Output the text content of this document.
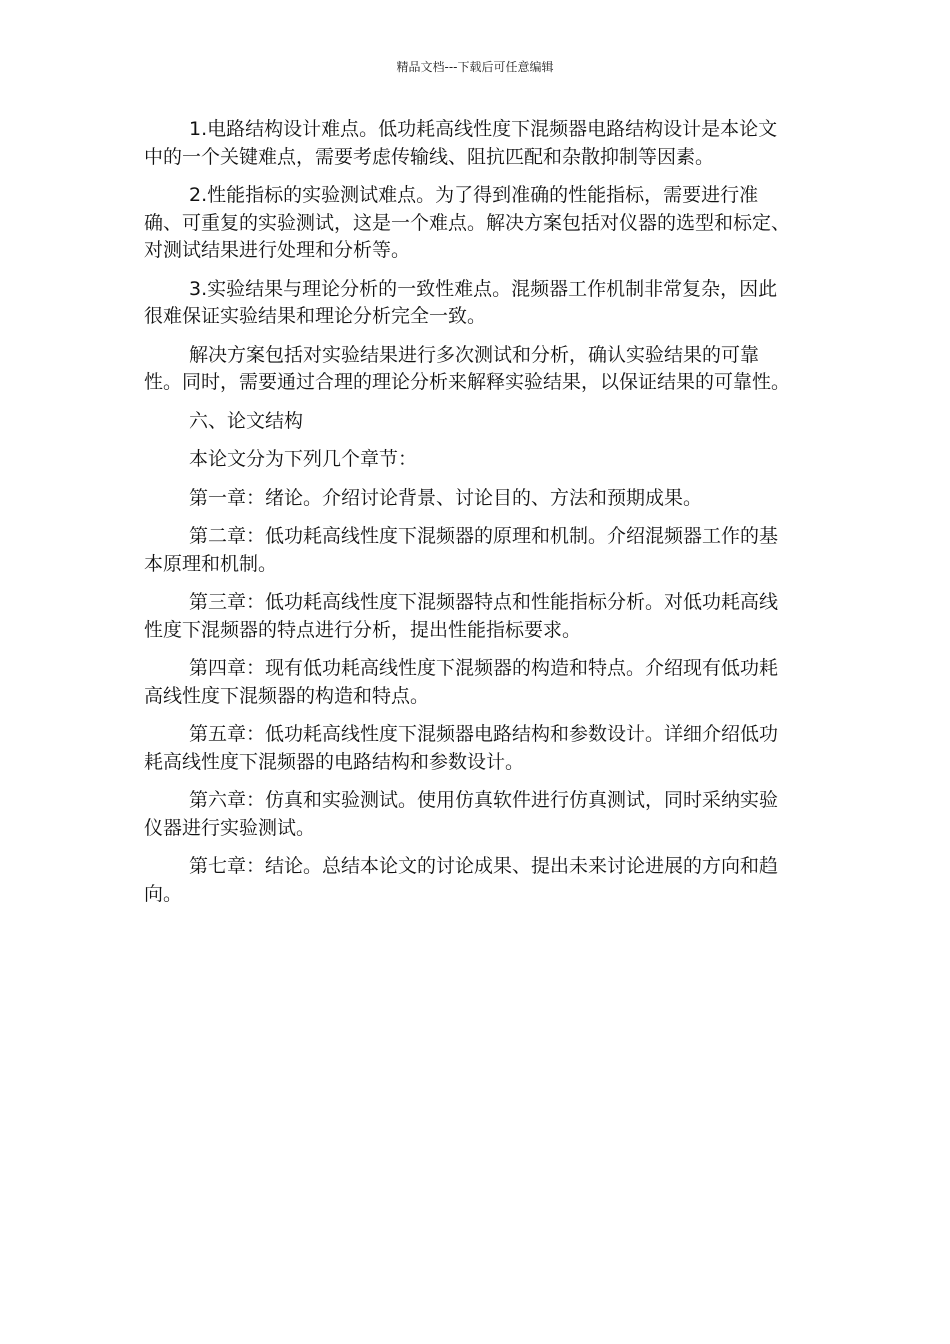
精品文档---下载后可任意编辑

1.电路结构设计难点。低功耗高线性度下混频器电路结构设计是本论文中的一个关键难点，需要考虑传输线、阻抗匹配和杂散抑制等因素。

2.性能指标的实验测试难点。为了得到准确的性能指标，需要进行准确、可重复的实验测试，这是一个难点。解决方案包括对仪器的选型和标定、对测试结果进行处理和分析等。

3.实验结果与理论分析的一致性难点。混频器工作机制非常复杂，因此很难保证实验结果和理论分析完全一致。

解决方案包括对实验结果进行多次测试和分析，确认实验结果的可靠性。同时，需要通过合理的理论分析来解释实验结果，以保证结果的可靠性。

六、论文结构

本论文分为下列几个章节：

第一章：绪论。介绍讨论背景、讨论目的、方法和预期成果。

第二章：低功耗高线性度下混频器的原理和机制。介绍混频器工作的基本原理和机制。

第三章：低功耗高线性度下混频器特点和性能指标分析。对低功耗高线性度下混频器的特点进行分析，提出性能指标要求。

第四章：现有低功耗高线性度下混频器的构造和特点。介绍现有低功耗高线性度下混频器的构造和特点。

第五章：低功耗高线性度下混频器电路结构和参数设计。详细介绍低功耗高线性度下混频器的电路结构和参数设计。

第六章：仿真和实验测试。使用仿真软件进行仿真测试，同时采纳实验仪器进行实验测试。

第七章：结论。总结本论文的讨论成果、提出未来讨论进展的方向和趋向。
